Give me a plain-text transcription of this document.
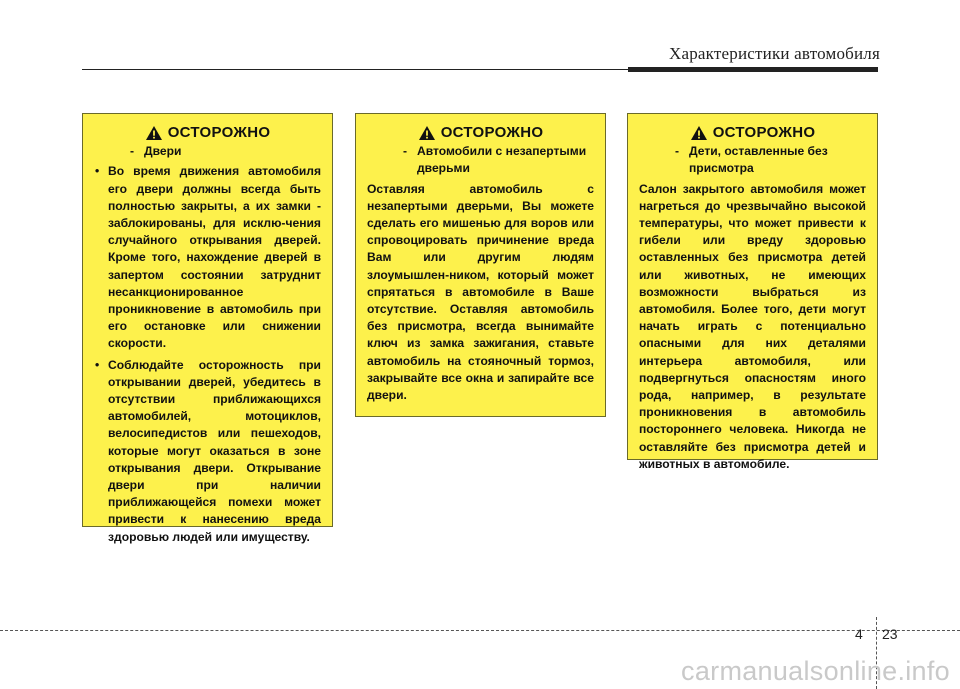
Характеристики автомобиля
ОСТОРОЖНО
- Двери
• Во время движения автомобиля его двери должны всегда быть полностью закрыты, а их замки - заблокированы, для исклю-чения случайного открывания дверей. Кроме того, нахождение дверей в запертом состоянии затруднит несанкционированное проникновение в автомобиль при его остановке или снижении скорости.
• Соблюдайте осторожность при открывании дверей, убедитесь в отсутствии приближающихся автомобилей, мотоциклов, велосипедистов или пешеходов, которые могут оказаться в зоне открывания двери. Открывание двери при наличии приближающейся помехи может привести к нанесению вреда здоровью людей или имуществу.
ОСТОРОЖНО
- Автомобили с незапертыми дверьми
Оставляя автомобиль с незапертыми дверьми, Вы можете сделать его мишенью для воров или спровоцировать причинение вреда Вам или другим людям злоумышлен-ником, который может спрятаться в автомобиле в Ваше отсутствие. Оставляя автомобиль без присмотра, всегда вынимайте ключ из замка зажигания, ставьте автомобиль на стояночный тормоз, закрывайте все окна и запирайте все двери.
ОСТОРОЖНО
- Дети, оставленные без присмотра
Салон закрытого автомобиля может нагреться до чрезвычайно высокой температуры, что может привести к гибели или вреду здоровью оставленных без присмотра детей или животных, не имеющих возможности выбраться из автомобиля. Более того, дети могут начать играть с потенциально опасными для них деталями интерьера автомобиля, или подвергнуться опасностям иного рода, например, в результате проникновения в автомобиль постороннего человека. Никогда не оставляйте без присмотра детей и животных в автомобиле.
4 23
carmanualsonline.info
